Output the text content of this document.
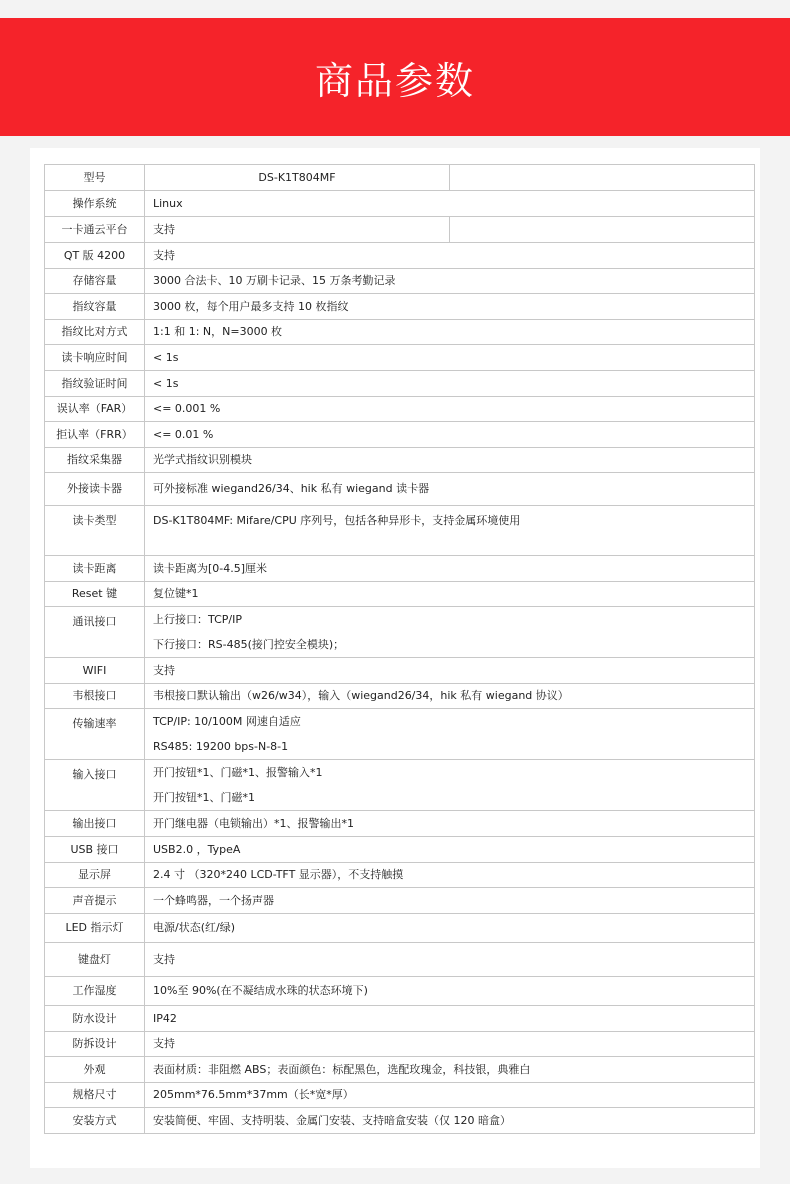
商品参数
型号	DS-K1T804MF	
操作系统	Linux	
一卡通云平台	支持	
QT 版 4200	支持	
存储容量	3000 合法卡、10 万刷卡记录、15 万条考勤记录	
指纹容量	3000 枚，每个用户最多支持 10 枚指纹	
指纹比对方式	1:1 和 1: N，N=3000 枚	
读卡响应时间	< 1s	
指纹验证时间	< 1s	
误认率（FAR）	<= 0.001 %	
拒认率（FRR）	<= 0.01 %	
指纹采集器	光学式指纹识别模块	
外接读卡器	可外接标准 wiegand26/34、hik 私有 wiegand 读卡器	
读卡类型	DS-K1T804MF: Mifare/CPU 序列号，包括各种异形卡，支持金属环境使用	
读卡距离	读卡距离为[0-4.5]厘米	
Reset 键	复位键*1	
通讯接口	上行接口：TCP/IP
下行接口：RS-485(接门控安全模块)；	

WIFI	支持	
韦根接口	韦根接口默认输出（w26/w34），输入（wiegand26/34，hik 私有 wiegand 协议）	
传输速率	TCP/IP: 10/100M 网速自适应
RS485: 19200 bps-N-8-1	

输入接口	开门按钮*1、门磁*1、报警输入*1
开门按钮*1、门磁*1	

输出接口	开门继电器（电锁输出）*1、报警输出*1	
USB 接口	USB2.0 ，TypeA	
显示屏	2.4 寸 （320*240 LCD-TFT 显示器），不支持触摸	
声音提示	一个蜂鸣器，一个扬声器	
LED 指示灯	电源/状态(红/绿)	
键盘灯	支持	
工作湿度	10%至 90%(在不凝结成水珠的状态环境下)	
防水设计	IP42	
防拆设计	支持	
外观	表面材质：非阻燃 ABS；表面颜色：标配黑色，选配玫瑰金，科技银，典雅白	
规格尺寸	205mm*76.5mm*37mm（长*宽*厚）	
安装方式	安装简便、牢固、支持明装、金属门安装、支持暗盒安装（仅 120 暗盒）	
